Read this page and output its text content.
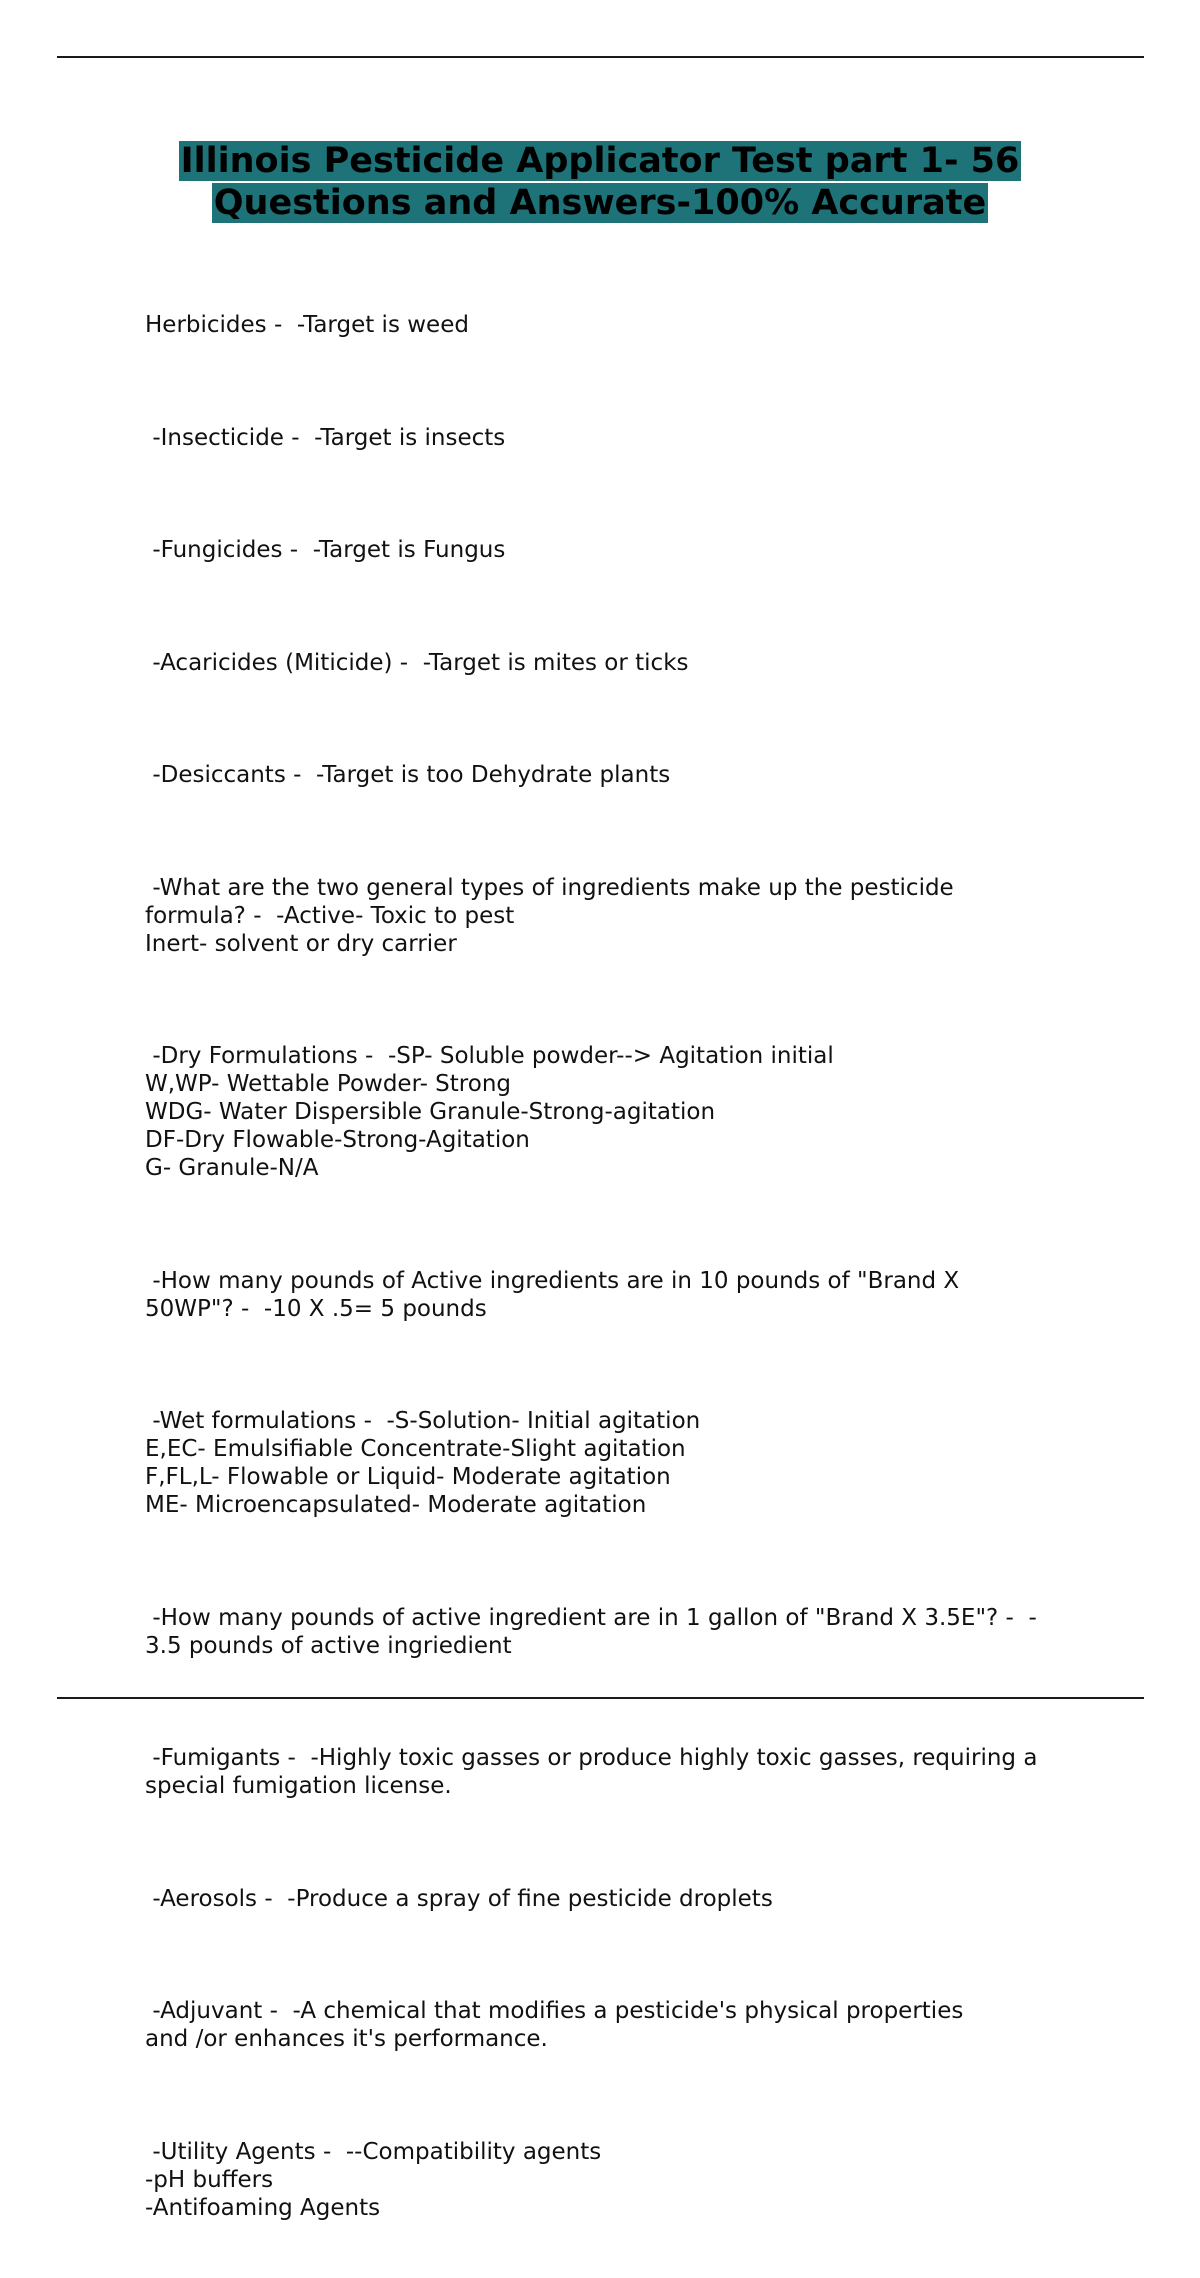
Illinois Pesticide Applicator Test part 1- 56
Questions and Answers-100% Accurate

Herbicides -  -Target is weed

-Insecticide -  -Target is insects

-Fungicides -  -Target is Fungus

-Acaricides (Miticide) -  -Target is mites or ticks

-Desiccants -  -Target is too Dehydrate plants

-What are the two general types of ingredients make up the pesticide
formula? -  -Active- Toxic to pest
Inert- solvent or dry carrier

-Dry Formulations -  -SP- Soluble powder--> Agitation initial
W,WP- Wettable Powder- Strong
WDG- Water Dispersible Granule-Strong-agitation
DF-Dry Flowable-Strong-Agitation
G- Granule-N/A

-How many pounds of Active ingredients are in 10 pounds of "Brand X
50WP"? -  -10 X .5= 5 pounds

-Wet formulations -  -S-Solution- Initial agitation
E,EC- Emulsifiable Concentrate-Slight agitation
F,FL,L- Flowable or Liquid- Moderate agitation
ME- Microencapsulated- Moderate agitation

-How many pounds of active ingredient are in 1 gallon of "Brand X 3.5E"? -  -
3.5 pounds of active ingriedient

-Fumigants -  -Highly toxic gasses or produce highly toxic gasses, requiring a
special fumigation license.

-Aerosols -  -Produce a spray of fine pesticide droplets

-Adjuvant -  -A chemical that modifies a pesticide's physical properties
and /or enhances it's performance.

-Utility Agents -  --Compatibility agents
-pH buffers
-Antifoaming Agents
